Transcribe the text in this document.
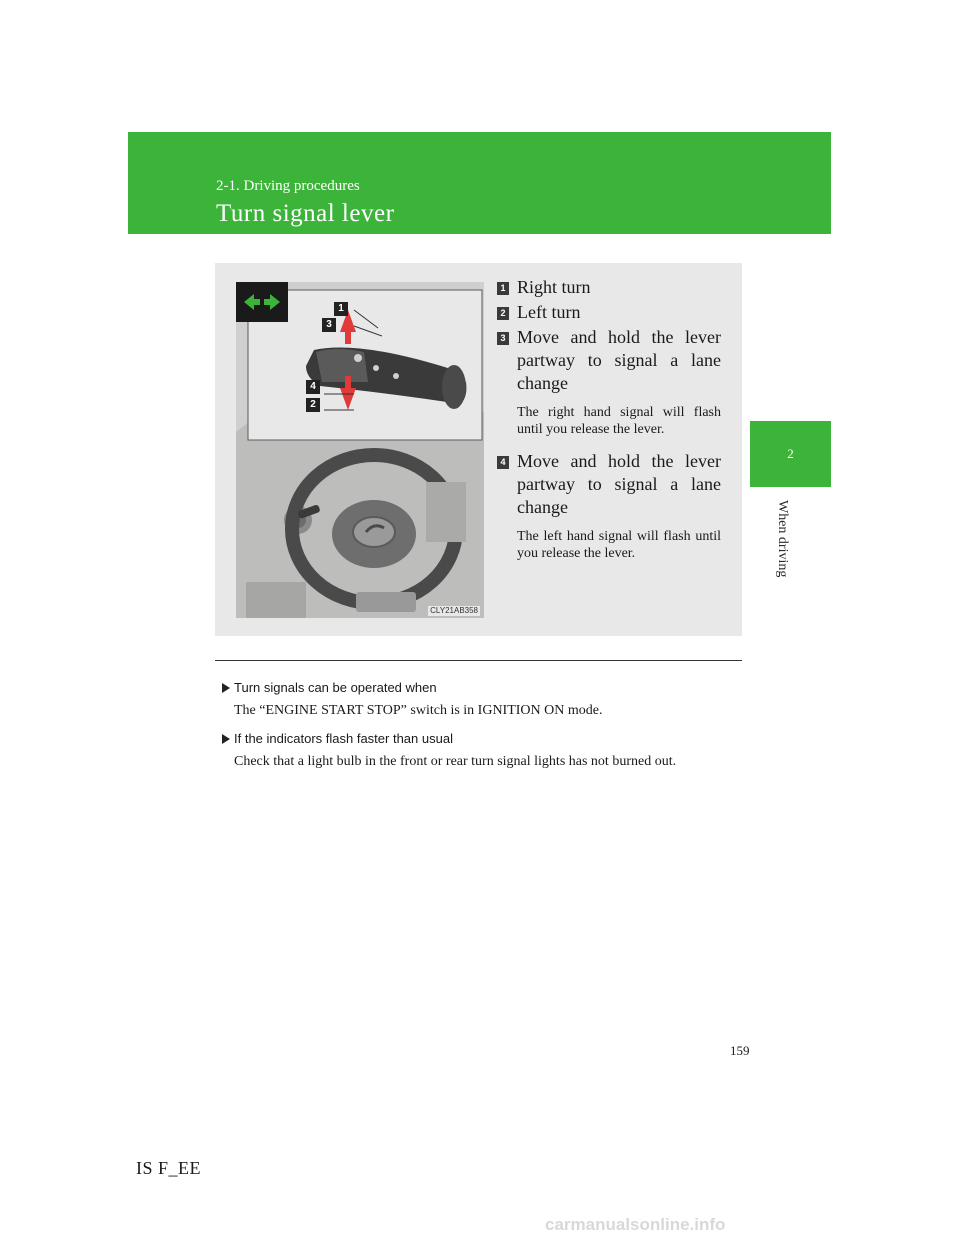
2-1. Driving procedures
Turn signal lever
2
When driving
1
3
4
2
CLY21AB358
1 Right turn
2 Left turn
3 Move and hold the lever partway to signal a lane change
The right hand signal will flash until you release the lever.
4 Move and hold the lever partway to signal a lane change
The left hand signal will flash until you release the lever.
Turn signals can be operated when
The “ENGINE START STOP” switch is in IGNITION ON mode.
If the indicators flash faster than usual
Check that a light bulb in the front or rear turn signal lights has not burned out.
159
IS F_EE
carmanualsonline.info
